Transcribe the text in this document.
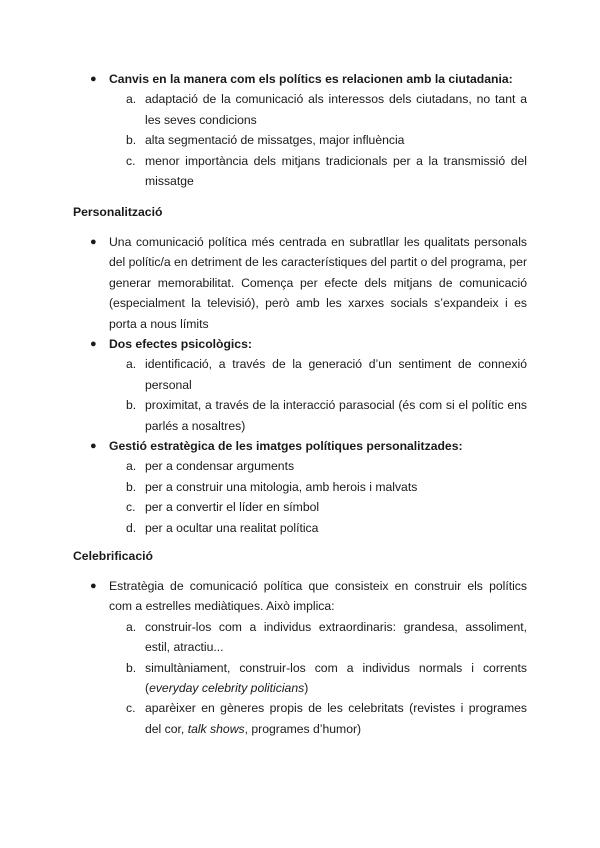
● Canvis en la manera com els polítics es relacionen amb la ciutadania:
a. adaptació de la comunicació als interessos dels ciutadans, no tant a les seves condicions
b. alta segmentació de missatges, major influència
c. menor importància dels mitjans tradicionals per a la transmissió del missatge
Personalització
● Una comunicació política més centrada en subratllar les qualitats personals del polític/a en detriment de les característiques del partit o del programa, per generar memorabilitat. Comença per efecte dels mitjans de comunicació (especialment la televisió), però amb les xarxes socials s’expandeix i es porta a nous límits
● Dos efectes psicològics:
a. identificació, a través de la generació d’un sentiment de connexió personal
b. proximitat, a través de la interacció parasocial (és com si el polític ens parlés a nosaltres)
● Gestió estratègica de les imatges polítiques personalitzades:
a. per a condensar arguments
b. per a construir una mitologia, amb herois i malvats
c. per a convertir el líder en símbol
d. per a ocultar una realitat política
Celebrificació
● Estratègia de comunicació política que consisteix en construir els polítics com a estrelles mediàtiques. Això implica:
a. construir-los com a individus extraordinaris: grandesa, assoliment, estil, atractiu...
b. simultàniament, construir-los com a individus normals i corrents (everyday celebrity politicians)
c. aparèixer en gèneres propis de les celebritats (revistes i programes del cor, talk shows, programes d’humor)
